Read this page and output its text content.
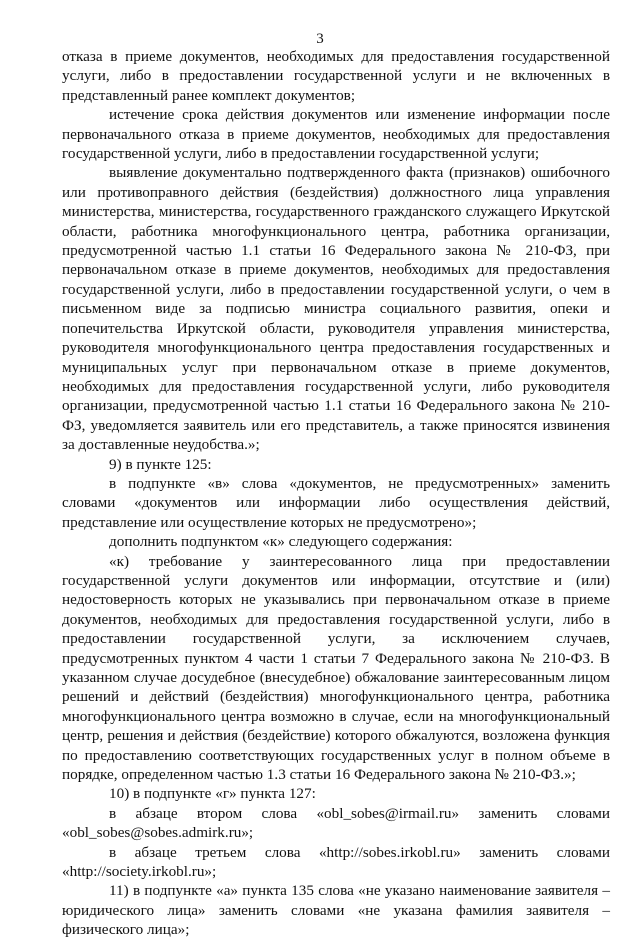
3

отказа в приеме документов, необходимых для предоставления государственной услуги, либо в предоставлении государственной услуги и не включенных в представленный ранее комплект документов;

истечение срока действия документов или изменение информации после первоначального отказа в приеме документов, необходимых для предоставления государственной услуги, либо в предоставлении государственной услуги;

выявление документально подтвержденного факта (признаков) ошибочного или противоправного действия (бездействия) должностного лица управления министерства, министерства, государственного гражданского служащего Иркутской области, работника многофункционального центра, работника организации, предусмотренной частью 1.1 статьи 16 Федерального закона № 210-ФЗ, при первоначальном отказе в приеме документов, необходимых для предоставления государственной услуги, либо в предоставлении государственной услуги, о чем в письменном виде за подписью министра социального развития, опеки и попечительства Иркутской области, руководителя управления министерства, руководителя многофункционального центра предоставления государственных и муниципальных услуг при первоначальном отказе в приеме документов, необходимых для предоставления государственной услуги, либо руководителя организации, предусмотренной частью 1.1 статьи 16 Федерального закона № 210-ФЗ, уведомляется заявитель или его представитель, а также приносятся извинения за доставленные неудобства.»;

9) в пункте 125:

в подпункте «в» слова «документов, не предусмотренных» заменить словами «документов или информации либо осуществления действий, представление или осуществление которых не предусмотрено»;

дополнить подпунктом «к» следующего содержания:

«к) требование у заинтересованного лица при предоставлении государственной услуги документов или информации, отсутствие и (или) недостоверность которых не указывались при первоначальном отказе в приеме документов, необходимых для предоставления государственной услуги, либо в предоставлении государственной услуги, за исключением случаев, предусмотренных пунктом 4 части 1 статьи 7 Федерального закона № 210-ФЗ. В указанном случае досудебное (внесудебное) обжалование заинтересованным лицом решений и действий (бездействия) многофункционального центра, работника многофункционального центра возможно в случае, если на многофункциональный центр, решения и действия (бездействие) которого обжалуются, возложена функция по предоставлению соответствующих государственных услуг в полном объеме в порядке, определенном частью 1.3 статьи 16 Федерального закона № 210-ФЗ.»;

10) в подпункте «г» пункта 127:

в абзаце втором слова «obl_sobes@irmail.ru» заменить словами «obl_sobes@sobes.admirk.ru»;

в абзаце третьем слова «http://sobes.irkobl.ru» заменить словами «http://society.irkobl.ru»;

11) в подпункте «а» пункта 135 слова «не указано наименование заявителя – юридического лица» заменить словами «не указана фамилия заявителя – физического лица»;
